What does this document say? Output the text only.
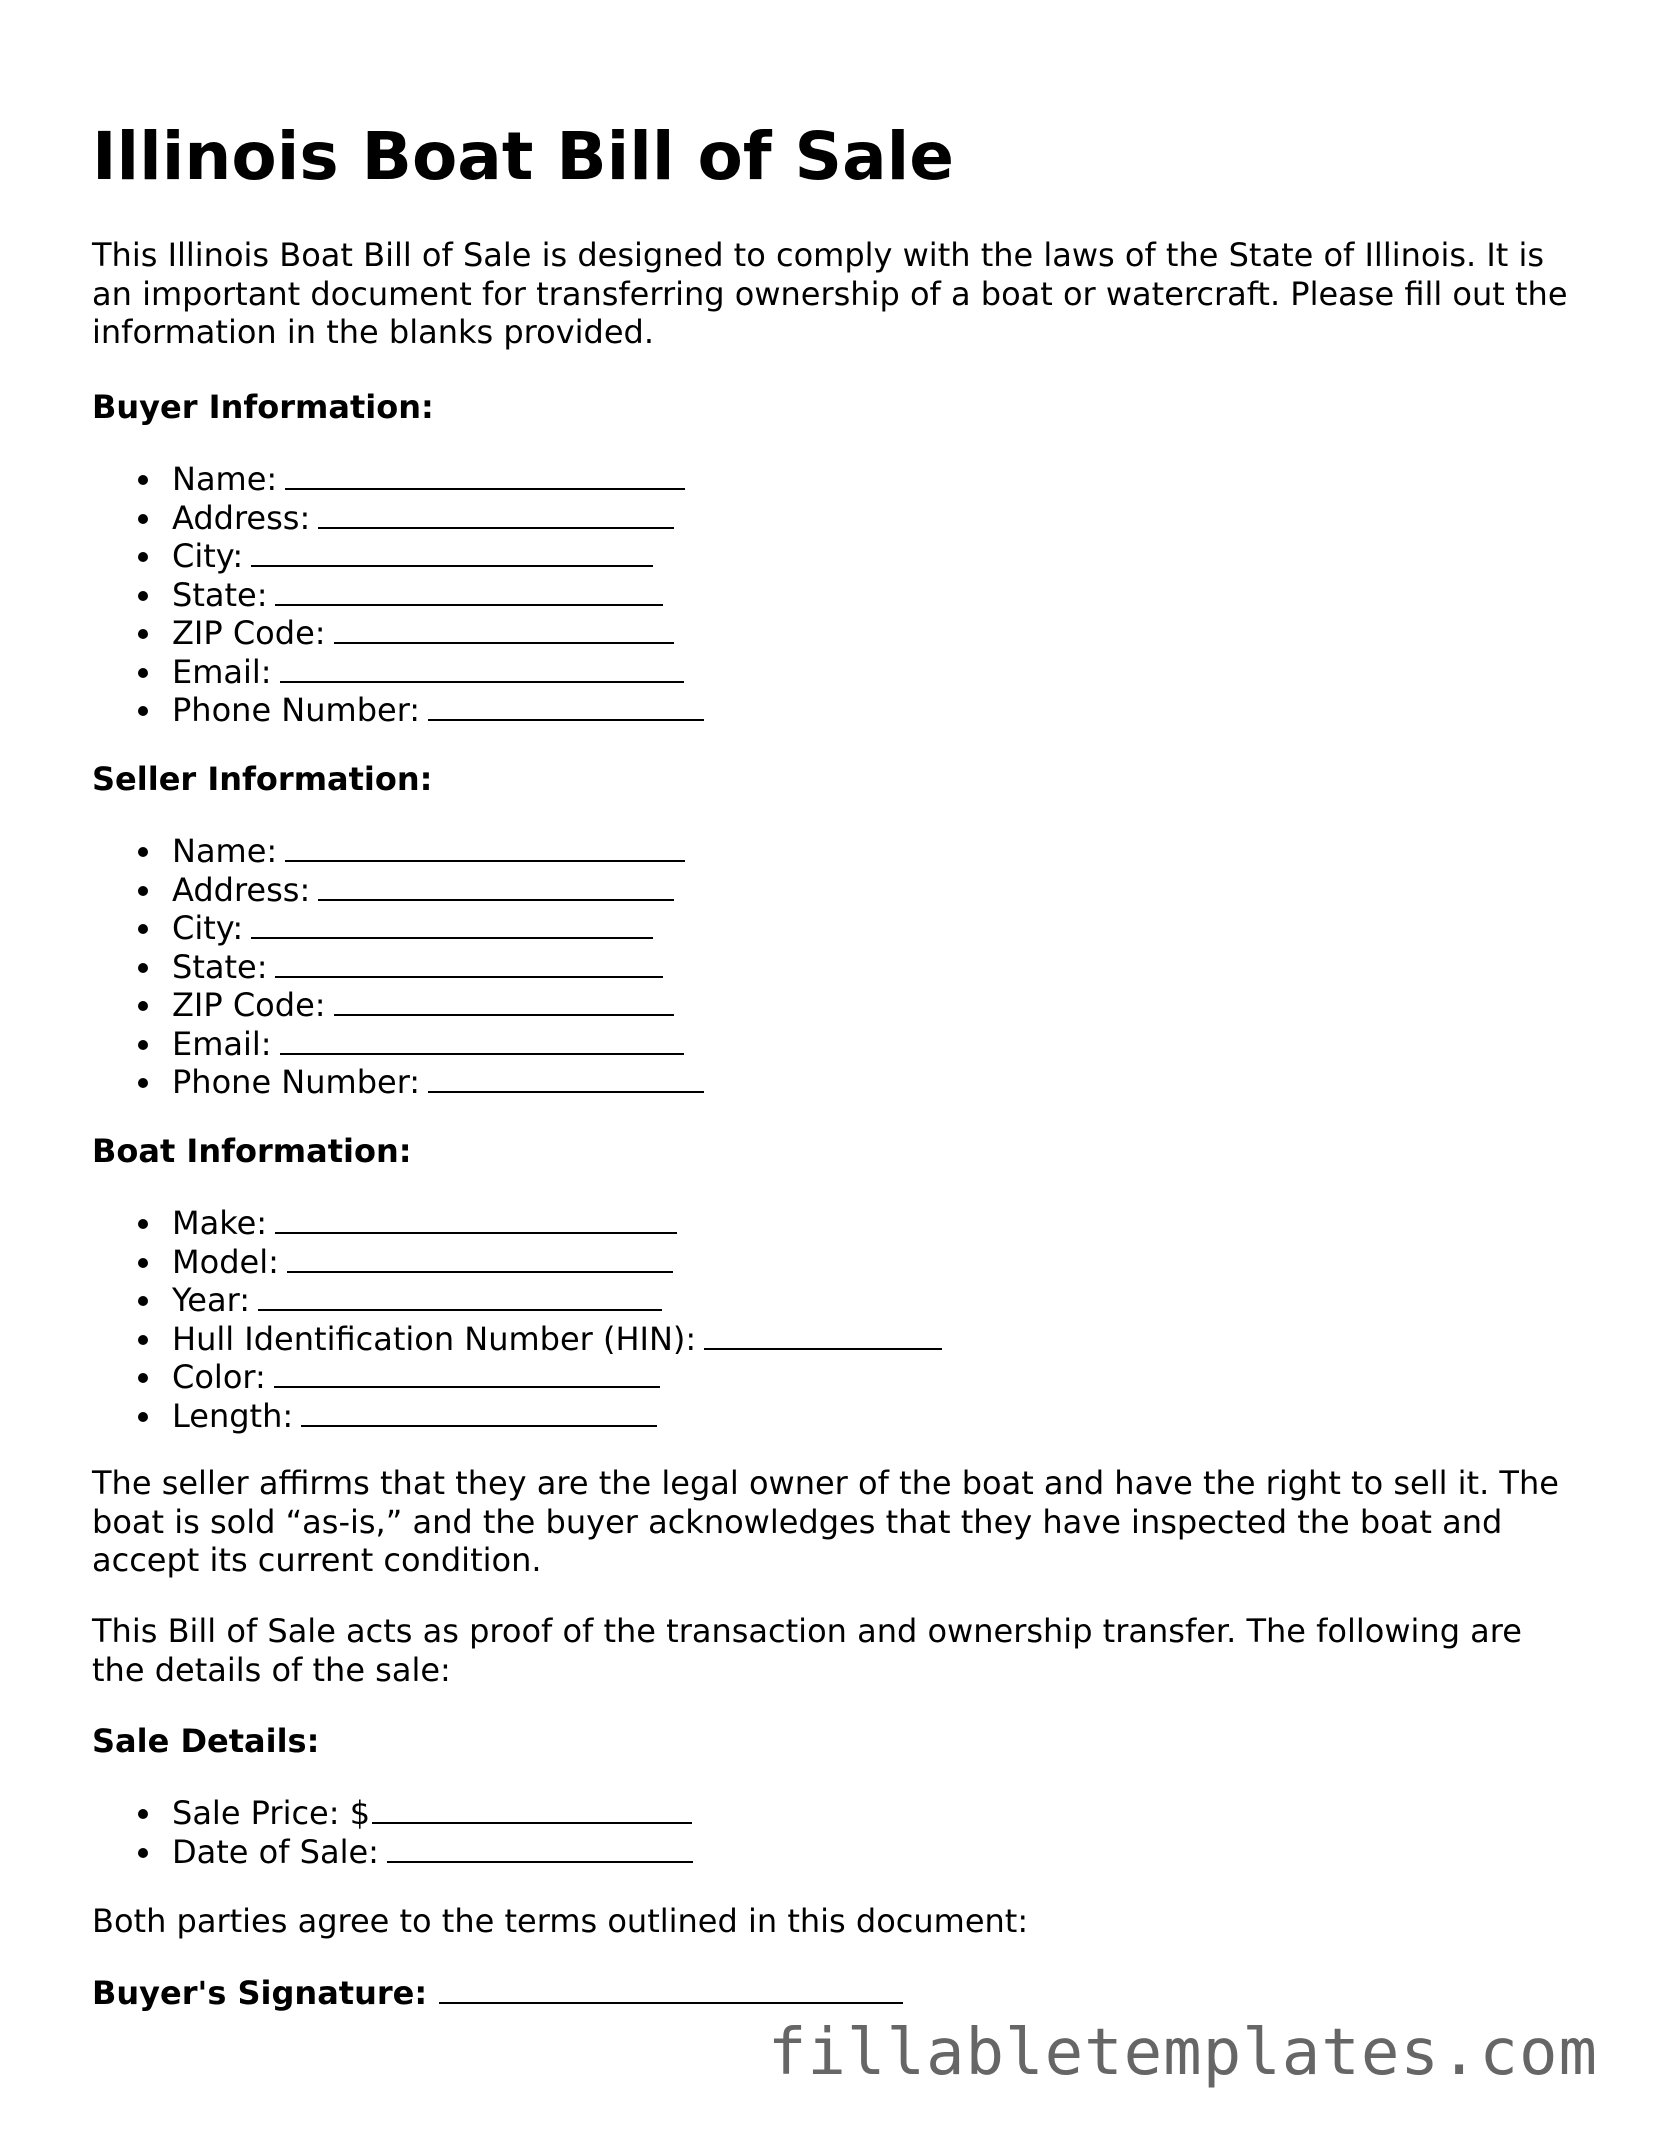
Illinois Boat Bill of Sale

This Illinois Boat Bill of Sale is designed to comply with the laws of the State of Illinois. It is an important document for transferring ownership of a boat or watercraft. Please fill out the information in the blanks provided.

Buyer Information:
Name:
Address:
City:
State:
ZIP Code:
Email:
Phone Number:
Seller Information:
Name:
Address:
City:
State:
ZIP Code:
Email:
Phone Number:
Boat Information:
Make:
Model:
Year:
Hull Identification Number (HIN):
Color:
Length:

The seller affirms that they are the legal owner of the boat and have the right to sell it. The boat is sold “as-is,” and the buyer acknowledges that they have inspected the boat and accept its current condition.

This Bill of Sale acts as proof of the transaction and ownership transfer. The following are the details of the sale:

Sale Details:
Sale Price: $
Date of Sale:

Both parties agree to the terms outlined in this document:

Buyer's Signature:
fillabletemplates.com
